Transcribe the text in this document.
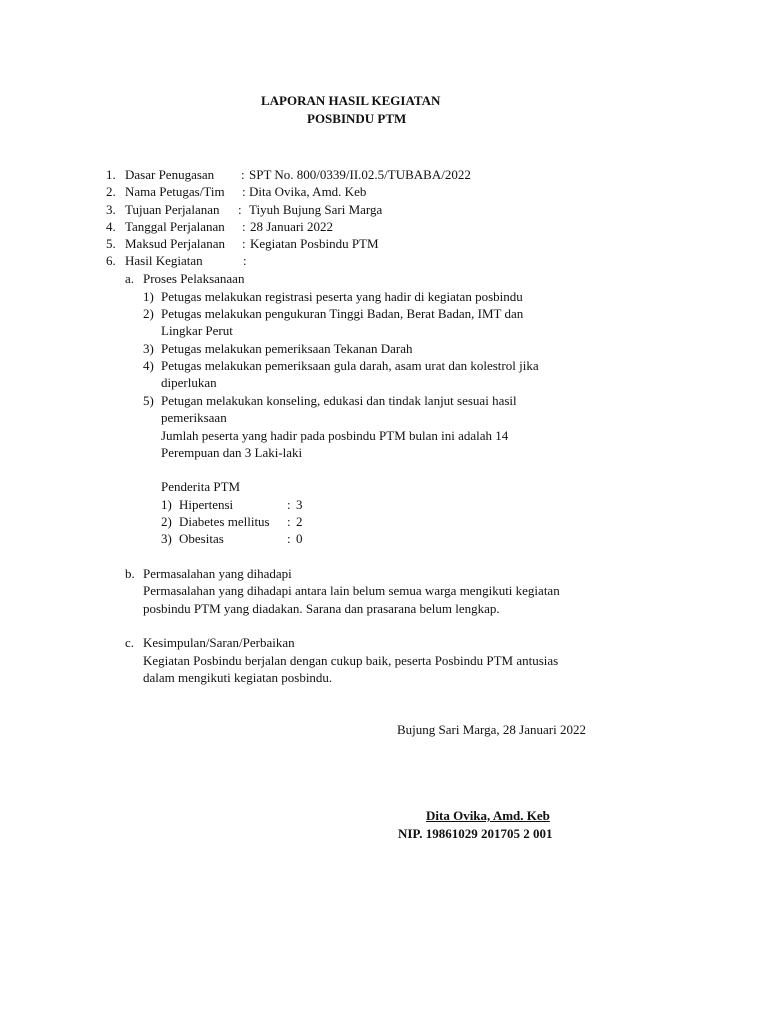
LAPORAN HASIL KEGIATAN
POSBINDU PTM
1. Dasar Penugasan : SPT No. 800/0339/II.02.5/TUBABA/2022
2. Nama Petugas/Tim : Dita Ovika, Amd. Keb
3. Tujuan Perjalanan : Tiyuh Bujung Sari Marga
4. Tanggal Perjalanan : 28 Januari 2022
5. Maksud Perjalanan : Kegiatan Posbindu PTM
6. Hasil Kegiatan	:
a. Proses Pelaksanaan
1) Petugas melakukan registrasi peserta yang hadir di kegiatan posbindu
2) Petugas melakukan pengukuran Tinggi Badan, Berat Badan, IMT dan
Lingkar Perut
3) Petugas melakukan pemeriksaan Tekanan Darah
4) Petugas melakukan pemeriksaan gula darah, asam urat dan kolestrol jika
diperlukan
5) Petugan melakukan konseling, edukasi dan tindak lanjut sesuai hasil
pemeriksaan
Jumlah peserta yang hadir pada posbindu PTM bulan ini adalah 14
Perempuan dan 3 Laki-laki
Penderita PTM
1) Hipertensi	: 3
2) Diabetes mellitus : 2
3) Obesitas	: 0
b. Permasalahan yang dihadapi
Permasalahan yang dihadapi antara lain belum semua warga mengikuti kegiatan
posbindu PTM yang diadakan. Sarana dan prasarana belum lengkap.
c. Kesimpulan/Saran/Perbaikan
Kegiatan Posbindu berjalan dengan cukup baik, peserta Posbindu PTM antusias
dalam mengikuti kegiatan posbindu.
Bujung Sari Marga, 28 Januari 2022
Dita Ovika, Amd. Keb
NIP. 19861029 201705 2 001
